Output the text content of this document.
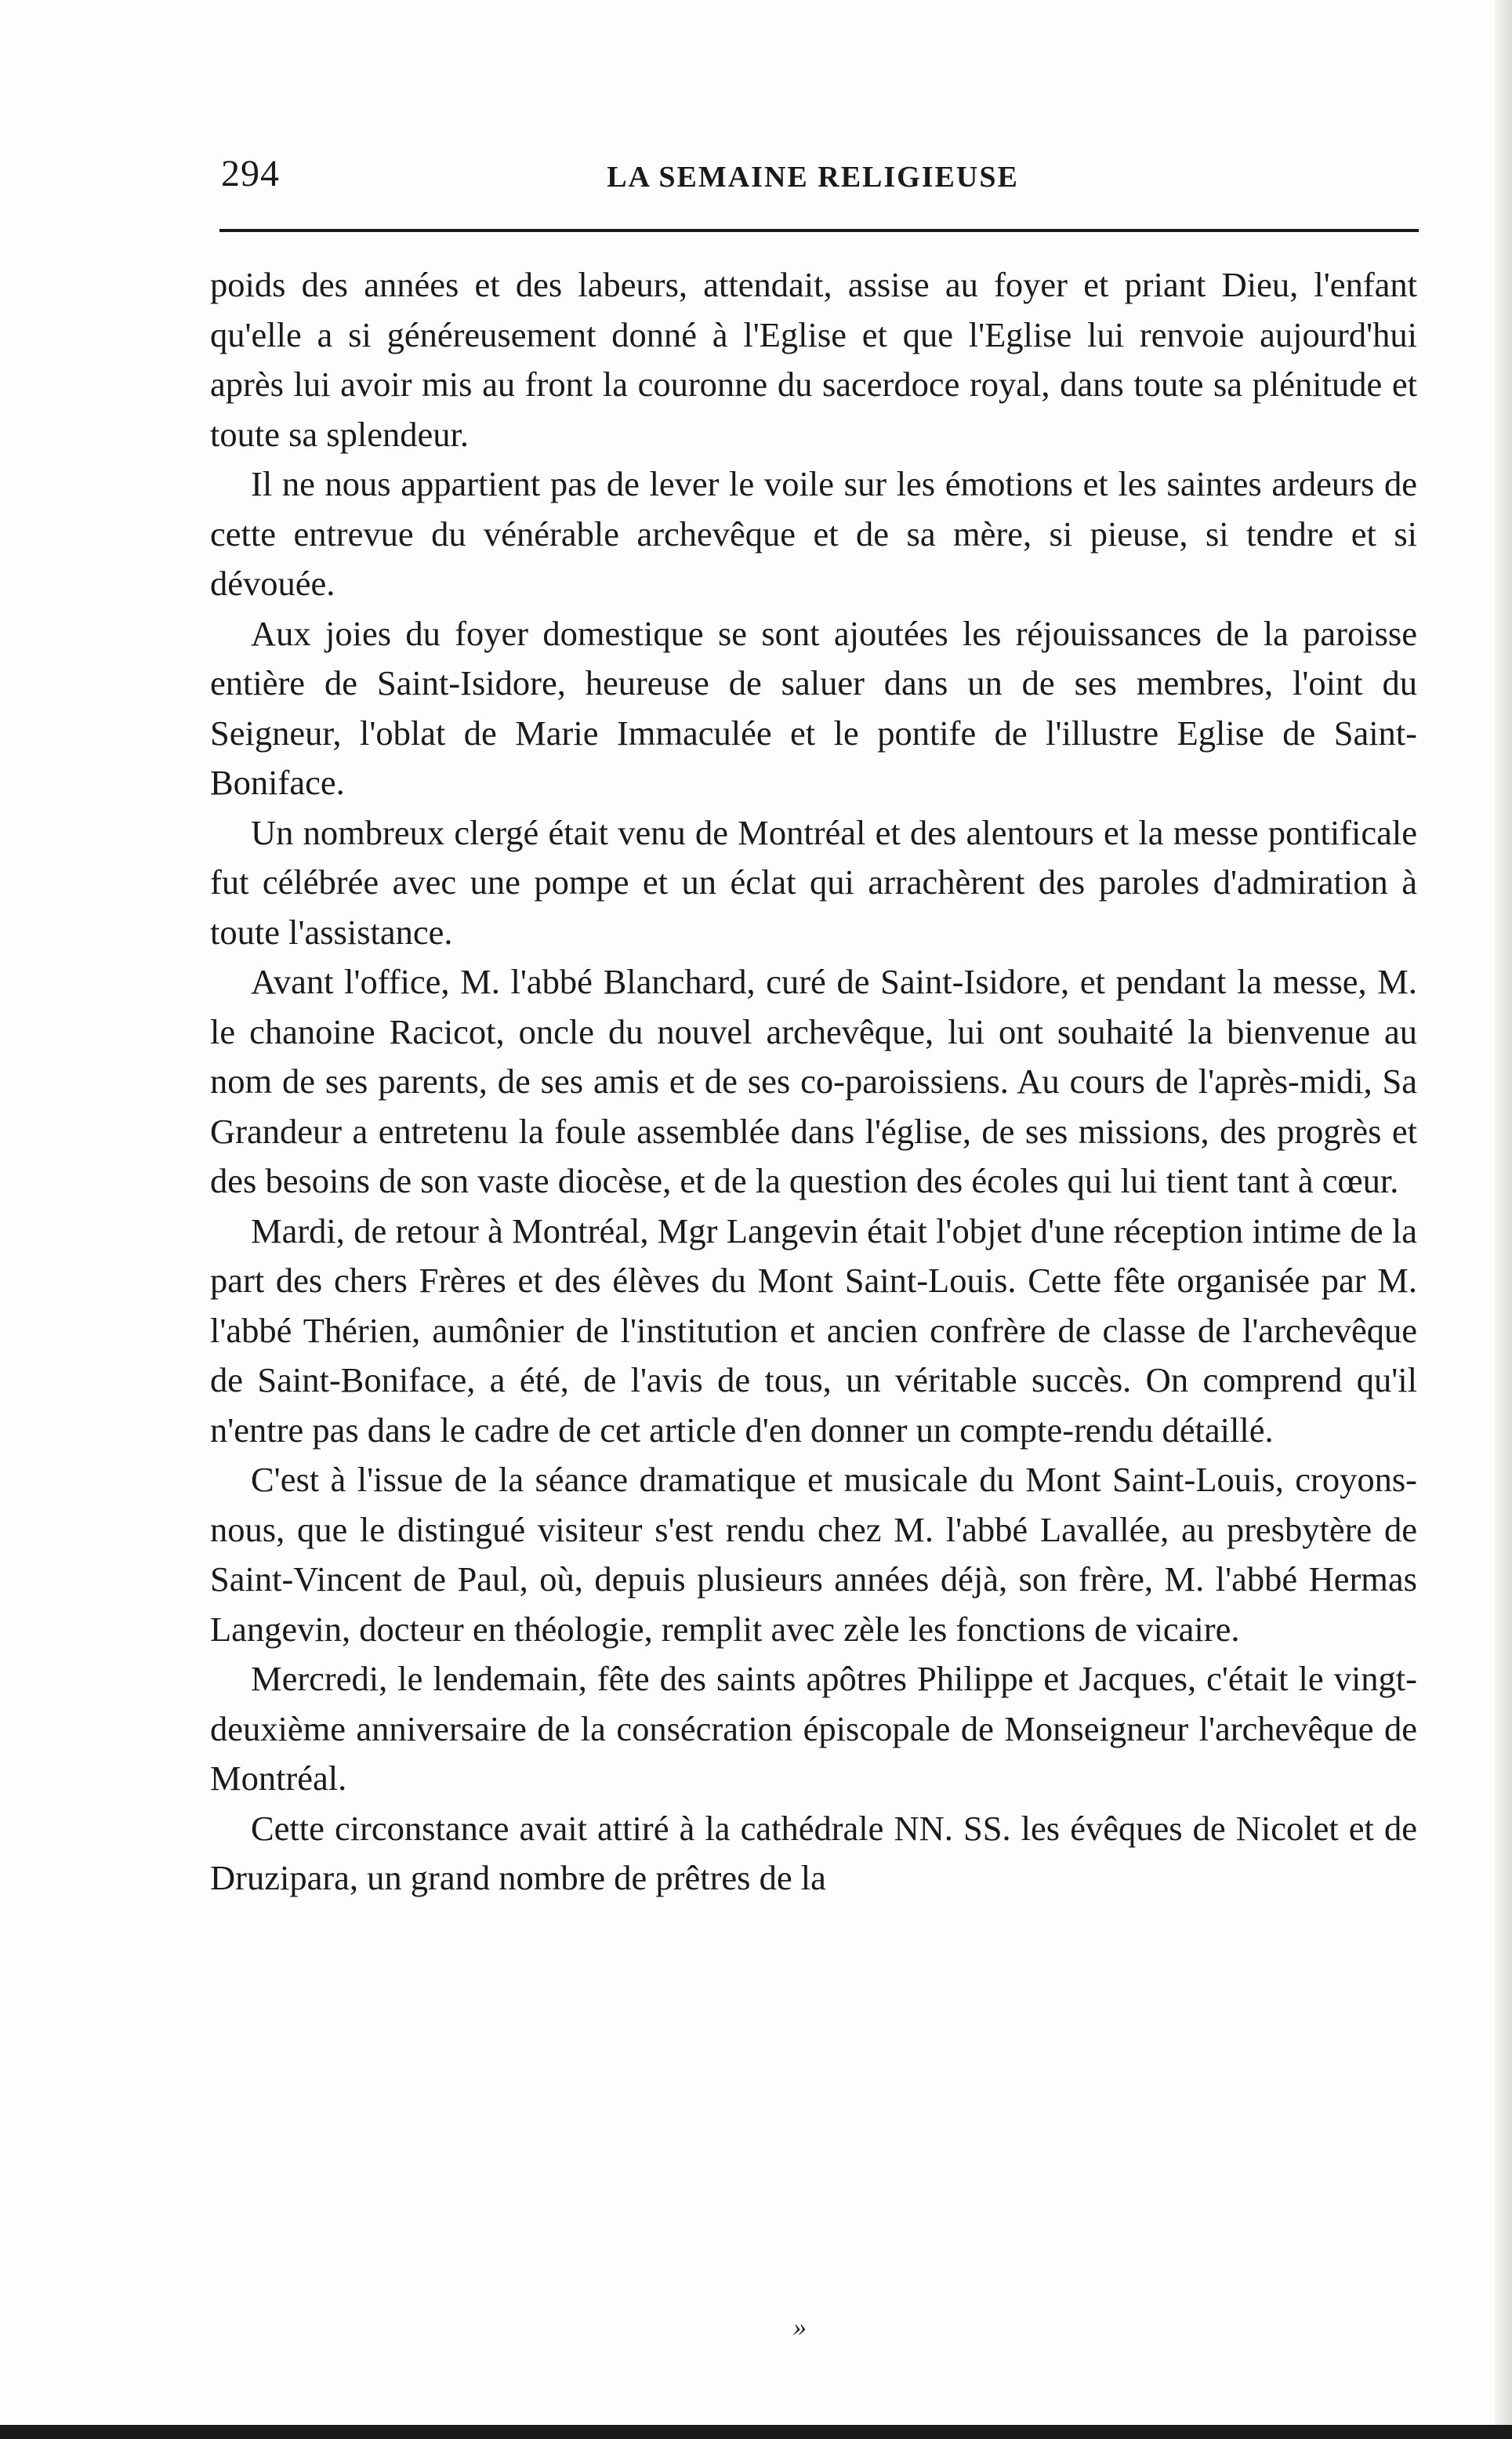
294	LA SEMAINE RELIGIEUSE

poids des années et des labeurs, attendait, assise au foyer et priant Dieu, l'enfant qu'elle a si généreusement donné à l'Eglise et que l'Eglise lui renvoie aujourd'hui après lui avoir mis au front la couronne du sacerdoce royal, dans toute sa plénitude et toute sa splendeur.

Il ne nous appartient pas de lever le voile sur les émotions et les saintes ardeurs de cette entrevue du vénérable archevêque et de sa mère, si pieuse, si tendre et si dévouée.

Aux joies du foyer domestique se sont ajoutées les réjouissances de la paroisse entière de Saint-Isidore, heureuse de saluer dans un de ses membres, l'oint du Seigneur, l'oblat de Marie Immaculée et le pontife de l'illustre Eglise de Saint-Boniface.

Un nombreux clergé était venu de Montréal et des alentours et la messe pontificale fut célébrée avec une pompe et un éclat qui arrachèrent des paroles d'admiration à toute l'assistance.

Avant l'office, M. l'abbé Blanchard, curé de Saint-Isidore, et pendant la messe, M. le chanoine Racicot, oncle du nouvel archevêque, lui ont souhaité la bienvenue au nom de ses parents, de ses amis et de ses co-paroissiens. Au cours de l'après-midi, Sa Grandeur a entretenu la foule assemblée dans l'église, de ses missions, des progrès et des besoins de son vaste diocèse, et de la question des écoles qui lui tient tant à cœur.

Mardi, de retour à Montréal, Mgr Langevin était l'objet d'une réception intime de la part des chers Frères et des élèves du Mont Saint-Louis. Cette fête organisée par M. l'abbé Thérien, aumônier de l'institution et ancien confrère de classe de l'archevêque de Saint-Boniface, a été, de l'avis de tous, un véritable succès. On comprend qu'il n'entre pas dans le cadre de cet article d'en donner un compte-rendu détaillé.

C'est à l'issue de la séance dramatique et musicale du Mont Saint-Louis, croyons-nous, que le distingué visiteur s'est rendu chez M. l'abbé Lavallée, au presbytère de Saint-Vincent de Paul, où, depuis plusieurs années déjà, son frère, M. l'abbé Hermas Langevin, docteur en théologie, remplit avec zèle les fonctions de vicaire.

Mercredi, le lendemain, fête des saints apôtres Philippe et Jacques, c'était le vingt-deuxième anniversaire de la consécration épiscopale de Monseigneur l'archevêque de Montréal.

Cette circonstance avait attiré à la cathédrale NN. SS. les évêques de Nicolet et de Druzipara, un grand nombre de prêtres de la

»
